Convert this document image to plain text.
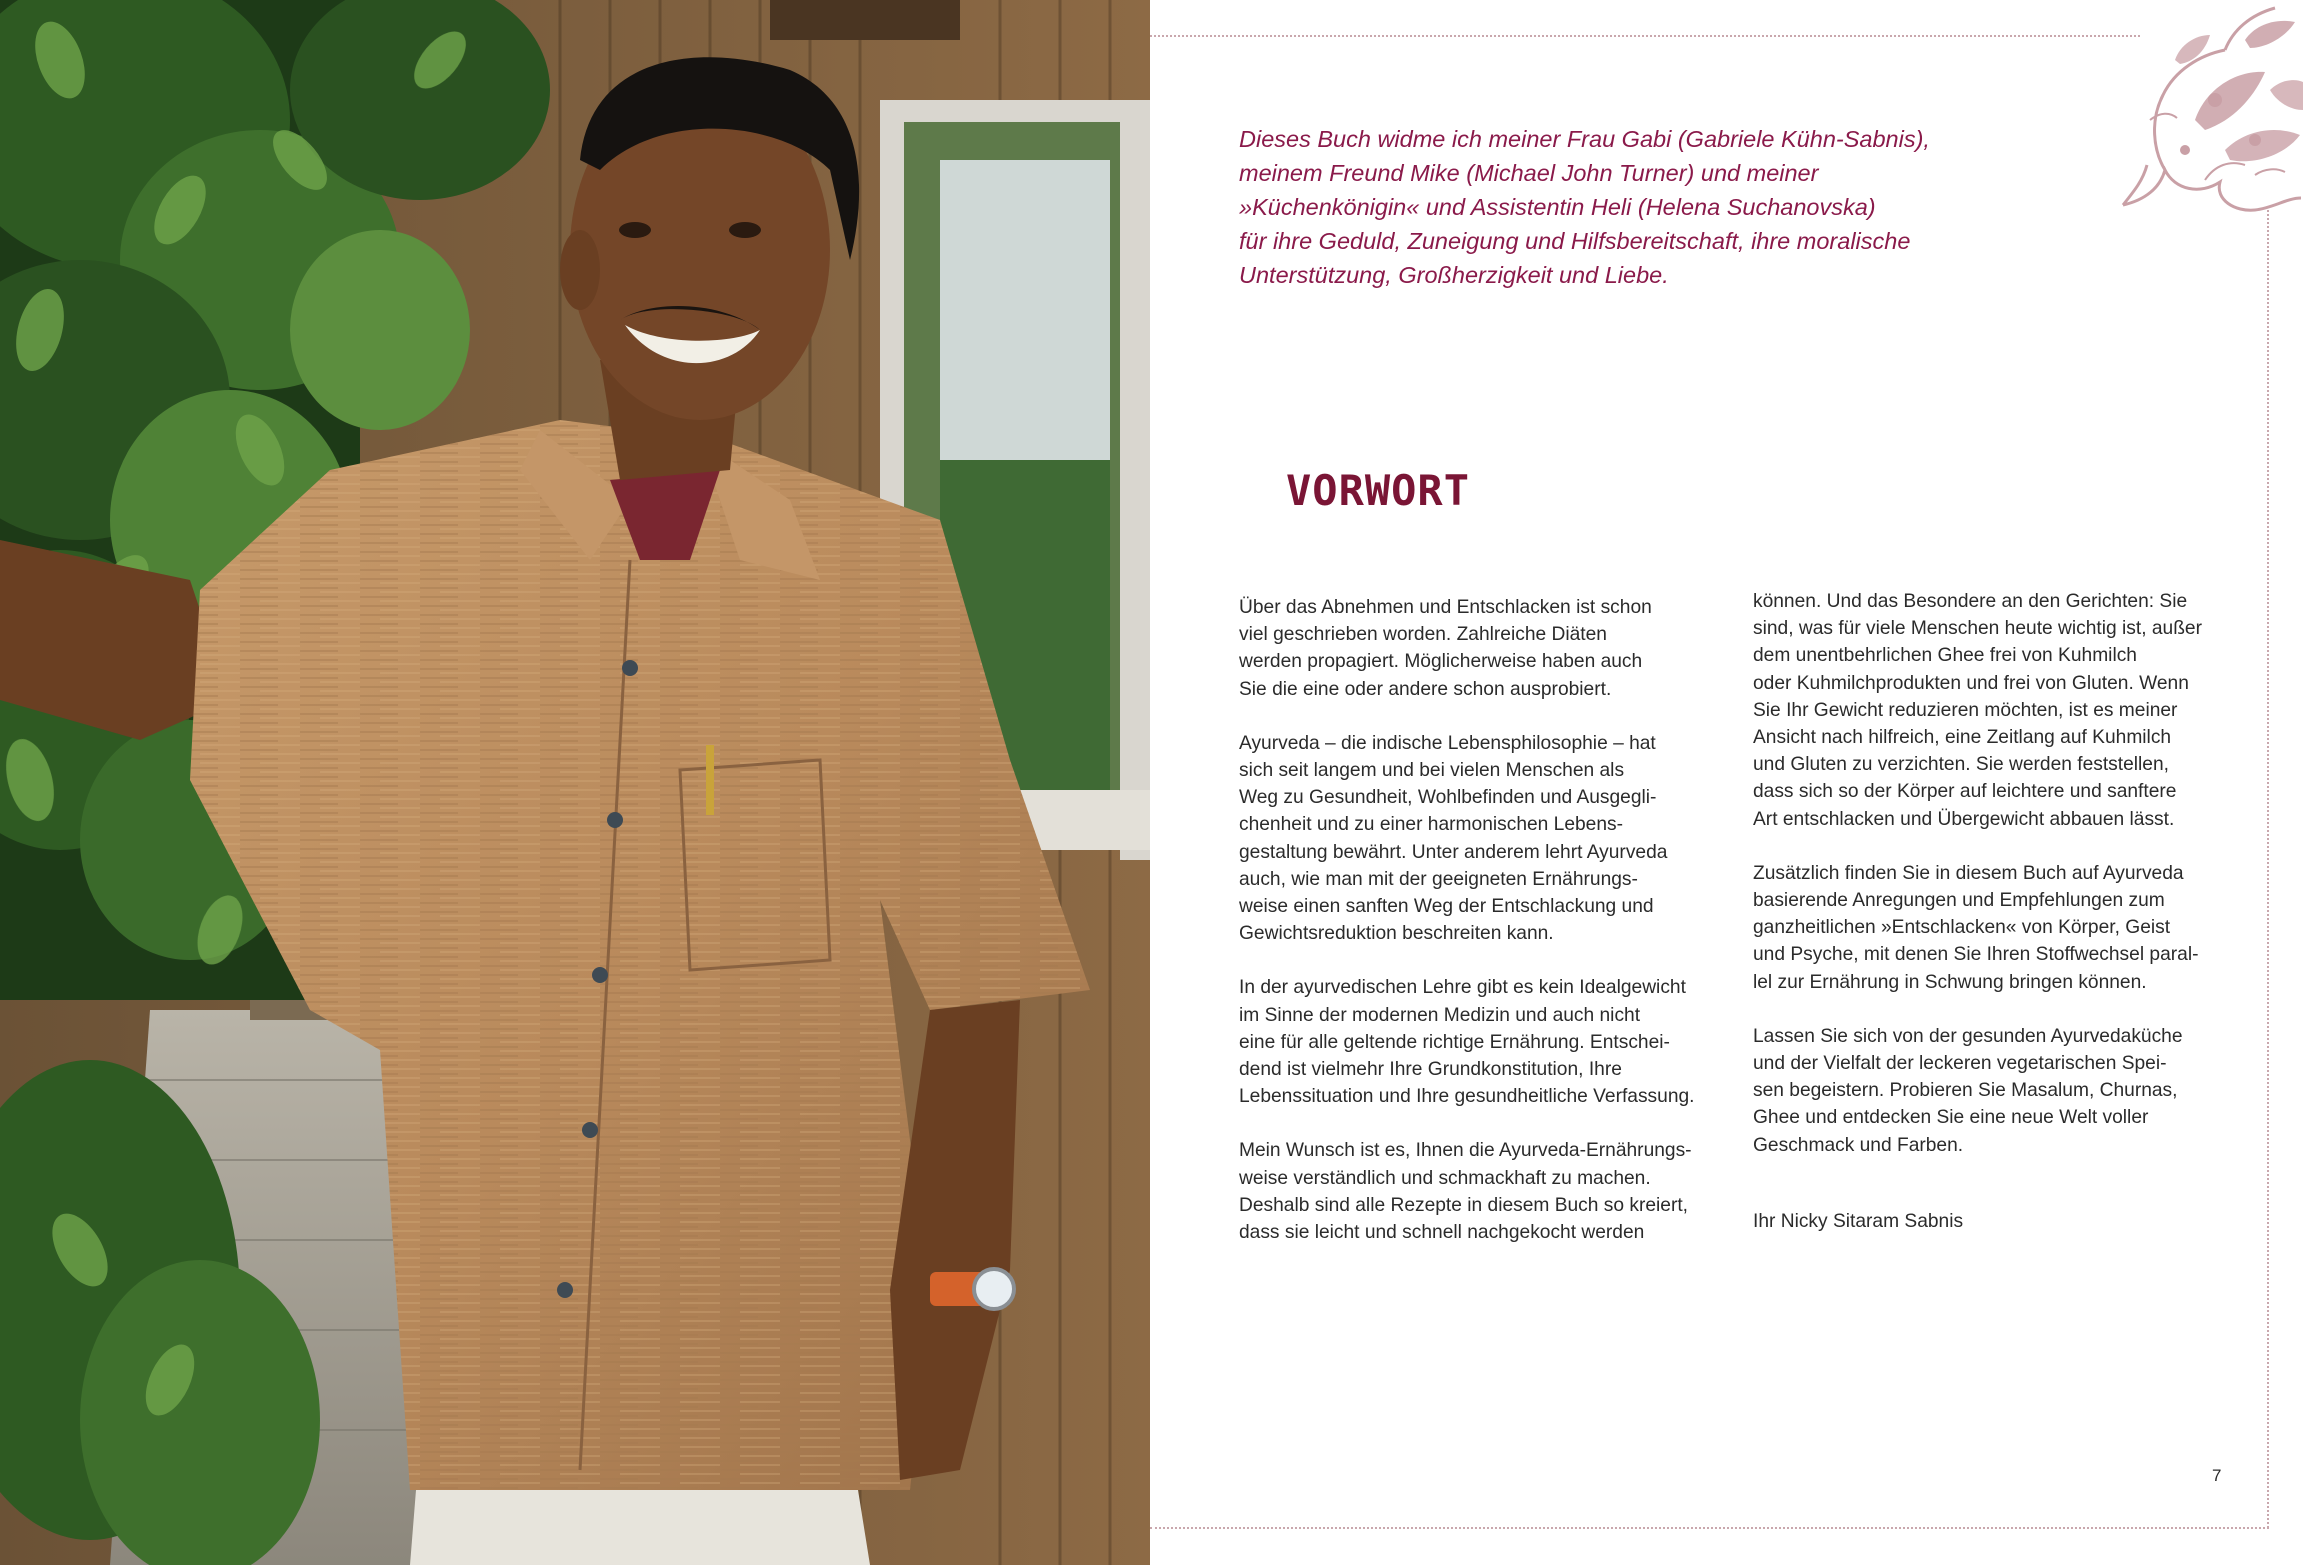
Dieses Buch widme ich meiner Frau Gabi (Gabriele Kühn-Sabnis),
meinem Freund Mike (Michael John Turner) und meiner
»Küchenkönigin« und Assistentin Heli (Helena Suchanovska)
für ihre Geduld, Zuneigung und Hilfsbereitschaft, ihre moralische
Unterstützung, Großherzigkeit und Liebe.

VORWORT

Über das Abnehmen und Entschlacken ist schon
viel geschrieben worden. Zahlreiche Diäten
werden propagiert. Möglicherweise haben auch
Sie die eine oder andere schon ausprobiert.

Ayurveda – die indische Lebensphilosophie – hat
sich seit langem und bei vielen Menschen als
Weg zu Gesundheit, Wohlbefinden und Ausgegli-
chenheit und zu einer harmonischen Lebens-
gestaltung bewährt. Unter anderem lehrt Ayurveda
auch, wie man mit der geeigneten Ernährungs-
weise einen sanften Weg der Entschlackung und
Gewichtsreduktion beschreiten kann.

In der ayurvedischen Lehre gibt es kein Idealgewicht
im Sinne der modernen Medizin und auch nicht
eine für alle geltende richtige Ernährung. Entschei-
dend ist vielmehr Ihre Grundkonstitution, Ihre
Lebenssituation und Ihre gesundheitliche Verfassung.

Mein Wunsch ist es, Ihnen die Ayurveda-Ernährungs-
weise verständlich und schmackhaft zu machen.
Deshalb sind alle Rezepte in diesem Buch so kreiert,
dass sie leicht und schnell nachgekocht werden

können. Und das Besondere an den Gerichten: Sie
sind, was für viele Menschen heute wichtig ist, außer
dem unentbehrlichen Ghee frei von Kuhmilch
oder Kuhmilchprodukten und frei von Gluten. Wenn
Sie Ihr Gewicht reduzieren möchten, ist es meiner
Ansicht nach hilfreich, eine Zeitlang auf Kuhmilch
und Gluten zu verzichten. Sie werden feststellen,
dass sich so der Körper auf leichtere und sanftere
Art entschlacken und Übergewicht abbauen lässt.

Zusätzlich finden Sie in diesem Buch auf Ayurveda
basierende Anregungen und Empfehlungen zum
ganzheitlichen »Entschlacken« von Körper, Geist
und Psyche, mit denen Sie Ihren Stoffwechsel paral-
lel zur Ernährung in Schwung bringen können.

Lassen Sie sich von der gesunden Ayurvedaküche
und der Vielfalt der leckeren vegetarischen Spei-
sen begeistern. Probieren Sie Masalum, Churnas,
Ghee und entdecken Sie eine neue Welt voller
Geschmack und Farben.

Ihr Nicky Sitaram Sabnis
7
